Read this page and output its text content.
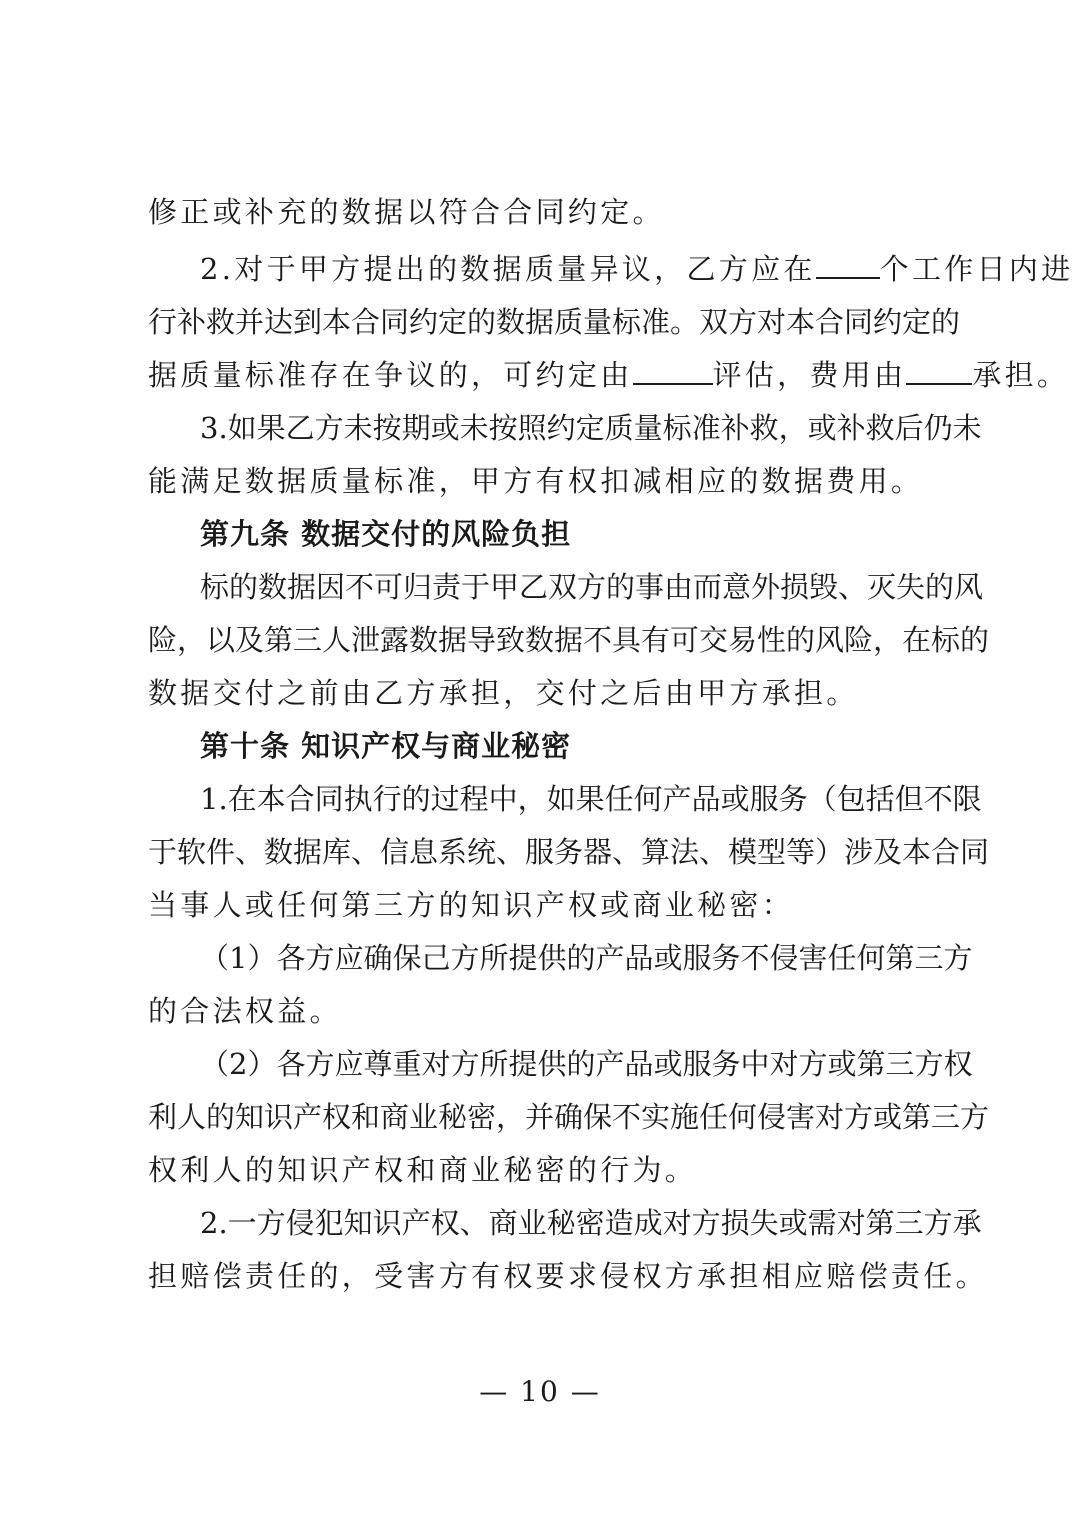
修正或补充的数据以符合合同约定。
2.对于甲方提出的数据质量异议，乙方应在 个工作日内进
行补救并达到本合同约定的数据质量标准。双方对本合同约定的
据质量标准存在争议的，可约定由	评估，费用由 承担。
3.如果乙方未按期或未按照约定质量标准补救，或补救后仍未
能满足数据质量标准，甲方有权扣减相应的数据费用。
第九条 数据交付的风险负担
标的数据因不可归责于甲乙双方的事由而意外损毁、灭失的风
险，以及第三人泄露数据导致数据不具有可交易性的风险，在标的
数据交付之前由乙方承担，交付之后由甲方承担。
第十条 知识产权与商业秘密
1.在本合同执行的过程中，如果任何产品或服务（包括但不限
于软件、数据库、信息系统、服务器、算法、模型等）涉及本合同
当事人或任何第三方的知识产权或商业秘密：
（1）各方应确保己方所提供的产品或服务不侵害任何第三方
的合法权益。
（2）各方应尊重对方所提供的产品或服务中对方或第三方权
利人的知识产权和商业秘密，并确保不实施任何侵害对方或第三方
权利人的知识产权和商业秘密的行为。
2.一方侵犯知识产权、商业秘密造成对方损失或需对第三方承
担赔偿责任的，受害方有权要求侵权方承担相应赔偿责任。
— 10 —
